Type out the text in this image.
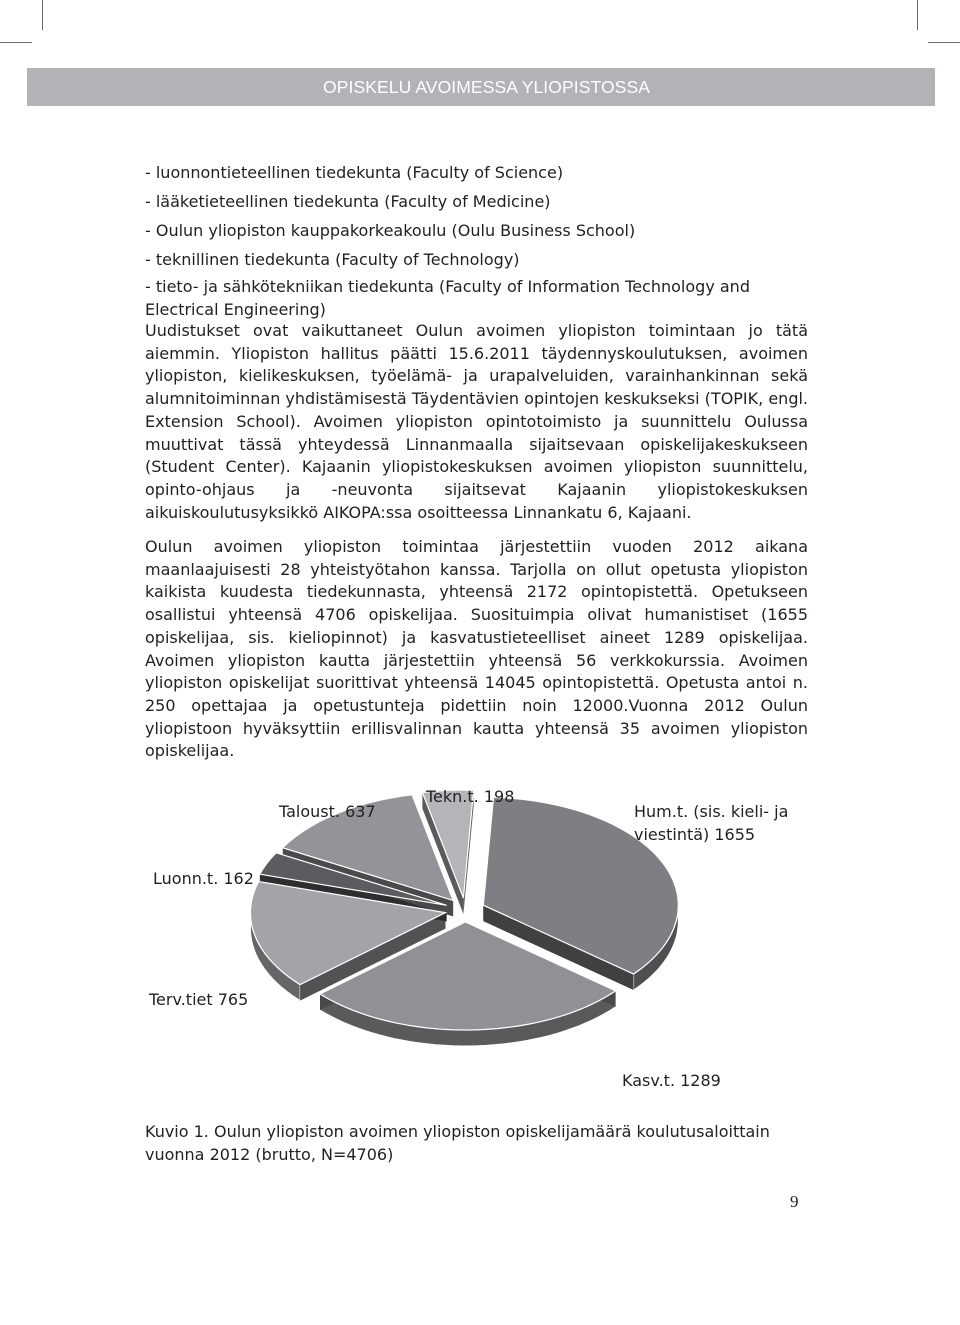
OPISKELU AVOIMESSA YLIOPISTOSSA
- luonnontieteellinen tiedekunta (Faculty of Science)
- lääketieteellinen tiedekunta (Faculty of Medicine)
- Oulun yliopiston kauppakorkeakoulu (Oulu Business School)
- teknillinen tiedekunta (Faculty of Technology)
- tieto- ja sähkötekniikan tiedekunta (Faculty of Information Technology and Electrical Engineering)

Uudistukset ovat vaikuttaneet Oulun avoimen yliopiston toimintaan jo tätä aiemmin. Yliopiston hallitus päätti 15.6.2011 täydennyskoulutuksen, avoimen yliopiston, kielikeskuksen, työelämä- ja urapalveluiden, varainhankinnan sekä alumnitoiminnan yhdistämisestä Täydentävien opintojen keskukseksi (TOPIK, engl. Extension School). Avoimen yliopiston opintotoimisto ja suunnittelu Oulussa muuttivat tässä yhteydessä Linnanmaalla sijaitsevaan opiskelijakeskukseen (Student Center). Kajaanin yliopistokeskuksen avoimen yliopiston suunnittelu, opinto-ohjaus ja -neuvonta sijaitsevat Kajaanin yliopistokeskuksen aikuiskoulutusyksikkö AIKOPA:ssa osoitteessa Linnankatu 6, Kajaani.

Oulun avoimen yliopiston toimintaa järjestettiin vuoden 2012 aikana maanlaajuisesti 28 yhteistyötahon kanssa. Tarjolla on ollut opetusta yliopiston kaikista kuudesta tiedekunnasta, yhteensä 2172 opintopistettä. Opetukseen osallistui yhteensä 4706 opiskelijaa. Suosituimpia olivat humanistiset (1655 opiskelijaa, sis. kieliopinnot) ja kasvatustieteelliset aineet 1289 opiskelijaa. Avoimen yliopiston kautta järjestettiin yhteensä 56 verkkokurssia. Avoimen yliopiston opiskelijat suorittivat yhteensä 14045 opintopistettä. Opetusta antoi n. 250 opettajaa ja opetustunteja pidettiin noin 12000.Vuonna 2012 Oulun yliopistoon hyväksyttiin erillisvalinnan kautta yhteensä 35 avoimen yliopiston opiskelijaa.

Taloust. 637
Tekn.t. 198
Hum.t. (sis. kieli- ja viestintä) 1655
Luonn.t. 162
Terv.tiet 765
Kasv.t. 1289

Kuvio 1. Oulun yliopiston avoimen yliopiston opiskelijamäärä koulutusaloittain vuonna 2012 (brutto, N=4706)

9
